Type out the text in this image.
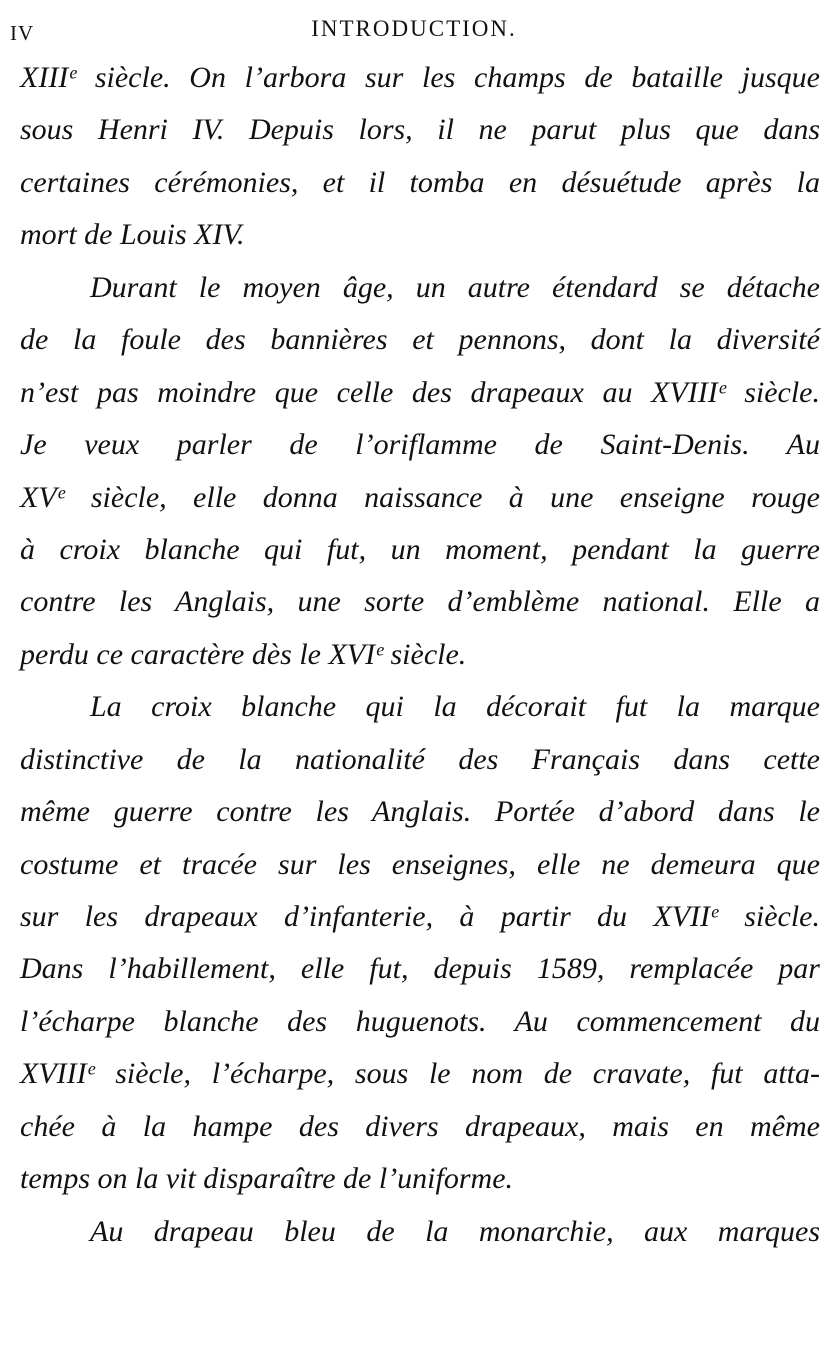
IV	INTRODUCTION.
XIIIᵉ siècle. On l’arbora sur les champs de bataille jusque
sous Henri IV. Depuis lors, il ne parut plus que dans
certaines cérémonies, et il tomba en désuétude après la
mort de Louis XIV.
Durant le moyen âge, un autre étendard se détache
de la foule des bannières et pennons, dont la diversité
n’est pas moindre que celle des drapeaux au XVIIIᵉ siècle.
Je veux parler de l’oriflamme de Saint-Denis. Au
XVᵉ siècle, elle donna naissance à une enseigne rouge
à croix blanche qui fut, un moment, pendant la guerre
contre les Anglais, une sorte d’emblème national. Elle a
perdu ce caractère dès le XVIᵉ siècle.
La croix blanche qui la décorait fut la marque
distinctive de la nationalité des Français dans cette
même guerre contre les Anglais. Portée d’abord dans le
costume et tracée sur les enseignes, elle ne demeura que
sur les drapeaux d’infanterie, à partir du XVIIᵉ siècle.
Dans l’habillement, elle fut, depuis 1589, remplacée par
l’écharpe blanche des huguenots. Au commencement du
XVIIIᵉ siècle, l’écharpe, sous le nom de cravate, fut atta-
chée à la hampe des divers drapeaux, mais en même
temps on la vit disparaître de l’uniforme.
Au drapeau bleu de la monarchie, aux marques
